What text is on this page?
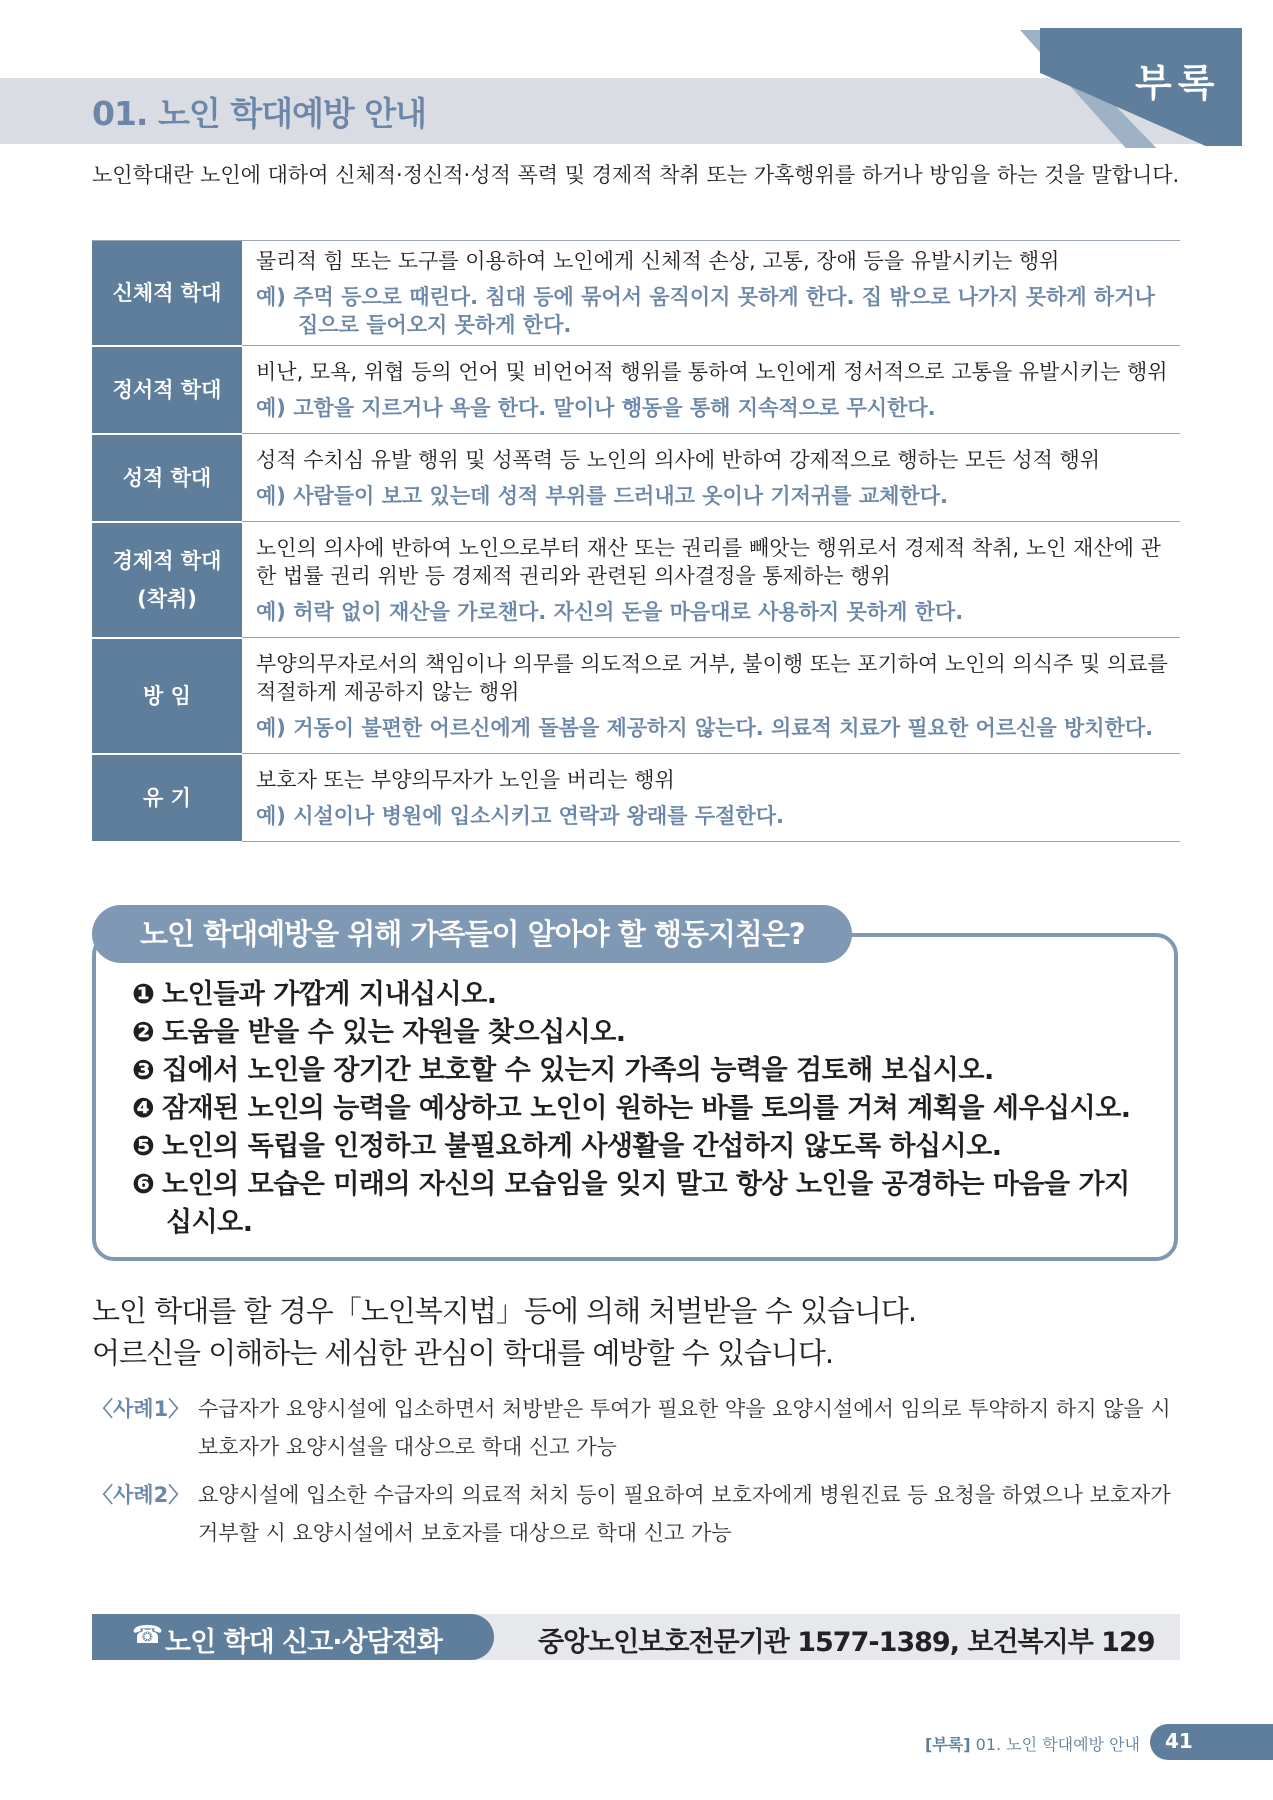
01. 노인 학대예방 안내
부록
노인학대란 노인에 대하여 신체적·정신적·성적 폭력 및 경제적 착취 또는 가혹행위를 하거나 방임을 하는 것을 말합니다.
신체적 학대	물리적 힘 또는 도구를 이용하여 노인에게 신체적 손상, 고통, 장애 등을 유발시키는 행위
예) 주먹 등으로 때린다. 침대 등에 묶어서 움직이지 못하게 한다. 집 밖으로 나가지 못하게 하거나 집으로 들어오지 못하게 한다.

정서적 학대	비난, 모욕, 위협 등의 언어 및 비언어적 행위를 통하여 노인에게 정서적으로 고통을 유발시키는 행위
예) 고함을 지르거나 욕을 한다. 말이나 행동을 통해 지속적으로 무시한다.

성적 학대	성적 수치심 유발 행위 및 성폭력 등 노인의 의사에 반하여 강제적으로 행하는 모든 성적 행위
예) 사람들이 보고 있는데 성적 부위를 드러내고 옷이나 기저귀를 교체한다.

경제적 학대
(착취)	노인의 의사에 반하여 노인으로부터 재산 또는 권리를 빼앗는 행위로서 경제적 착취, 노인 재산에 관한 법률 권리 위반 등 경제적 권리와 관련된 의사결정을 통제하는 행위
예) 허락 없이 재산을 가로챈다. 자신의 돈을 마음대로 사용하지 못하게 한다.

방 임	부양의무자로서의 책임이나 의무를 의도적으로 거부, 불이행 또는 포기하여 노인의 의식주 및 의료를 적절하게 제공하지 않는 행위
예) 거동이 불편한 어르신에게 돌봄을 제공하지 않는다. 의료적 치료가 필요한 어르신을 방치한다.

유 기	보호자 또는 부양의무자가 노인을 버리는 행위
예) 시설이나 병원에 입소시키고 연락과 왕래를 두절한다.
노인 학대예방을 위해 가족들이 알아야 할 행동지침은?
❶ 노인들과 가깝게 지내십시오.
❷ 도움을 받을 수 있는 자원을 찾으십시오.
❸ 집에서 노인을 장기간 보호할 수 있는지 가족의 능력을 검토해 보십시오.
❹ 잠재된 노인의 능력을 예상하고 노인이 원하는 바를 토의를 거쳐 계획을 세우십시오.
❺ 노인의 독립을 인정하고 불필요하게 사생활을 간섭하지 않도록 하십시오.
❻ 노인의 모습은 미래의 자신의 모습임을 잊지 말고 항상 노인을 공경하는 마음을 가지십시오.
노인 학대를 할 경우「노인복지법」등에 의해 처벌받을 수 있습니다.
어르신을 이해하는 세심한 관심이 학대를 예방할 수 있습니다.
〈사례1〉 수급자가 요양시설에 입소하면서 처방받은 투여가 필요한 약을 요양시설에서 임의로 투약하지 하지 않을 시 보호자가 요양시설을 대상으로 학대 신고 가능
〈사례2〉 요양시설에 입소한 수급자의 의료적 처치 등이 필요하여 보호자에게 병원진료 등 요청을 하였으나 보호자가 거부할 시 요양시설에서 보호자를 대상으로 학대 신고 가능
☎ 노인 학대 신고·상담전화	중앙노인보호전문기관 1577-1389, 보건복지부 129
[부록] 01. 노인 학대예방 안내 41
